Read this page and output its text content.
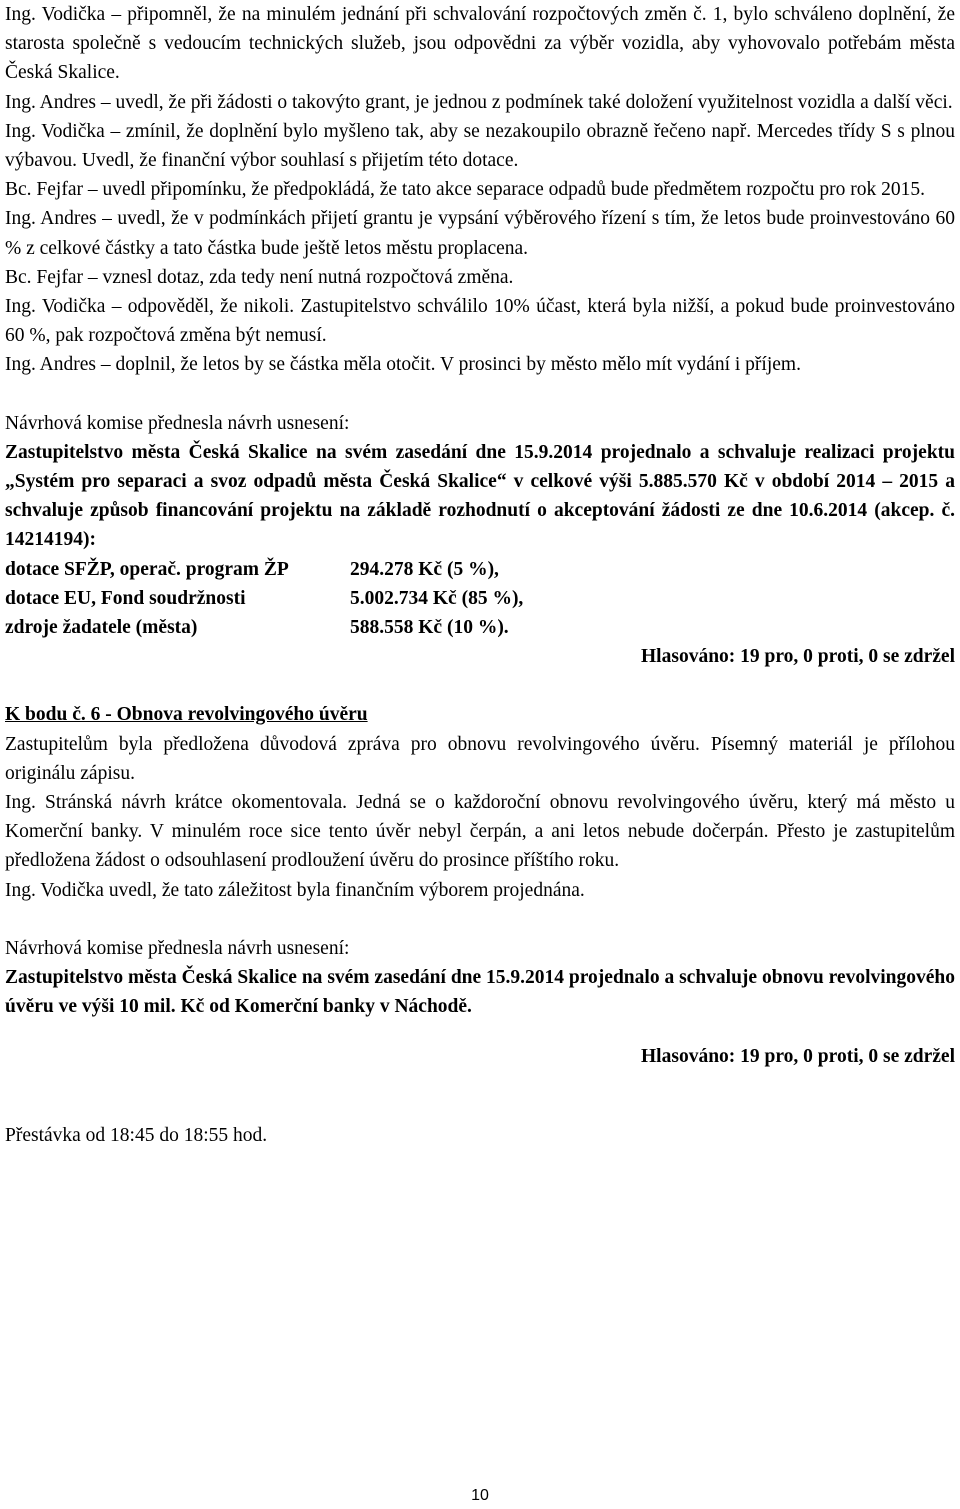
Ing. Vodička – připomněl, že na minulém jednání při schvalování rozpočtových změn č. 1, bylo schváleno doplnění, že starosta společně s vedoucím technických služeb, jsou odpovědni za výběr vozidla, aby vyhovovalo potřebám města Česká Skalice.

Ing. Andres – uvedl, že při žádosti o takovýto grant, je jednou z podmínek také doložení využitelnost vozidla a další věci.

Ing. Vodička – zmínil, že doplnění bylo myšleno tak, aby se nezakoupilo obrazně řečeno např. Mercedes třídy S s plnou výbavou. Uvedl, že finanční výbor souhlasí s přijetím této dotace.

Bc. Fejfar – uvedl připomínku, že předpokládá, že tato akce separace odpadů bude předmětem rozpočtu pro rok 2015.

Ing. Andres – uvedl, že v podmínkách přijetí grantu je vypsání výběrového řízení s tím, že letos bude proinvestováno 60 % z celkové částky a tato částka bude ještě letos městu proplacena.

Bc. Fejfar – vznesl dotaz, zda tedy není nutná rozpočtová změna.

Ing. Vodička – odpověděl, že nikoli. Zastupitelstvo schválilo 10% účast, která byla nižší, a pokud bude proinvestováno 60 %, pak rozpočtová změna být nemusí.

Ing. Andres – doplnil, že letos by se částka měla otočit. V prosinci by město mělo mít vydání i příjem.

Návrhová komise přednesla návrh usnesení:

Zastupitelstvo města Česká Skalice na svém zasedání dne 15.9.2014 projednalo a schvaluje realizaci projektu „Systém pro separaci a svoz odpadů města Česká Skalice“ v celkové výši 5.885.570 Kč v období 2014 – 2015 a schvaluje způsob financování projektu na základě rozhodnutí o akceptování žádosti ze dne 10.6.2014 (akcep. č. 14214194):

dotace SFŽP, operač. program ŽP	294.278 Kč (5 %),

dotace EU, Fond soudržnosti	5.002.734 Kč (85 %),

zdroje žadatele (města)	588.558 Kč (10 %).

Hlasováno: 19 pro, 0 proti, 0 se zdržel

K bodu č. 6 - Obnova revolvingového úvěru

Zastupitelům byla předložena důvodová zpráva pro obnovu revolvingového úvěru. Písemný materiál je přílohou originálu zápisu.

Ing. Stránská návrh krátce okomentovala. Jedná se o každoroční obnovu revolvingového úvěru, který má město u Komerční banky. V minulém roce sice tento úvěr nebyl čerpán, a ani letos nebude dočerpán. Přesto je zastupitelům předložena žádost o odsouhlasení prodloužení úvěru do prosince příštího roku.

Ing. Vodička uvedl, že tato záležitost byla finančním výborem projednána.

Návrhová komise přednesla návrh usnesení:

Zastupitelstvo města Česká Skalice na svém zasedání dne 15.9.2014 projednalo a schvaluje obnovu revolvingového úvěru ve výši 10 mil. Kč od Komerční banky v Náchodě.

Hlasováno: 19 pro, 0 proti, 0 se zdržel

Přestávka od 18:45 do 18:55 hod.

10
